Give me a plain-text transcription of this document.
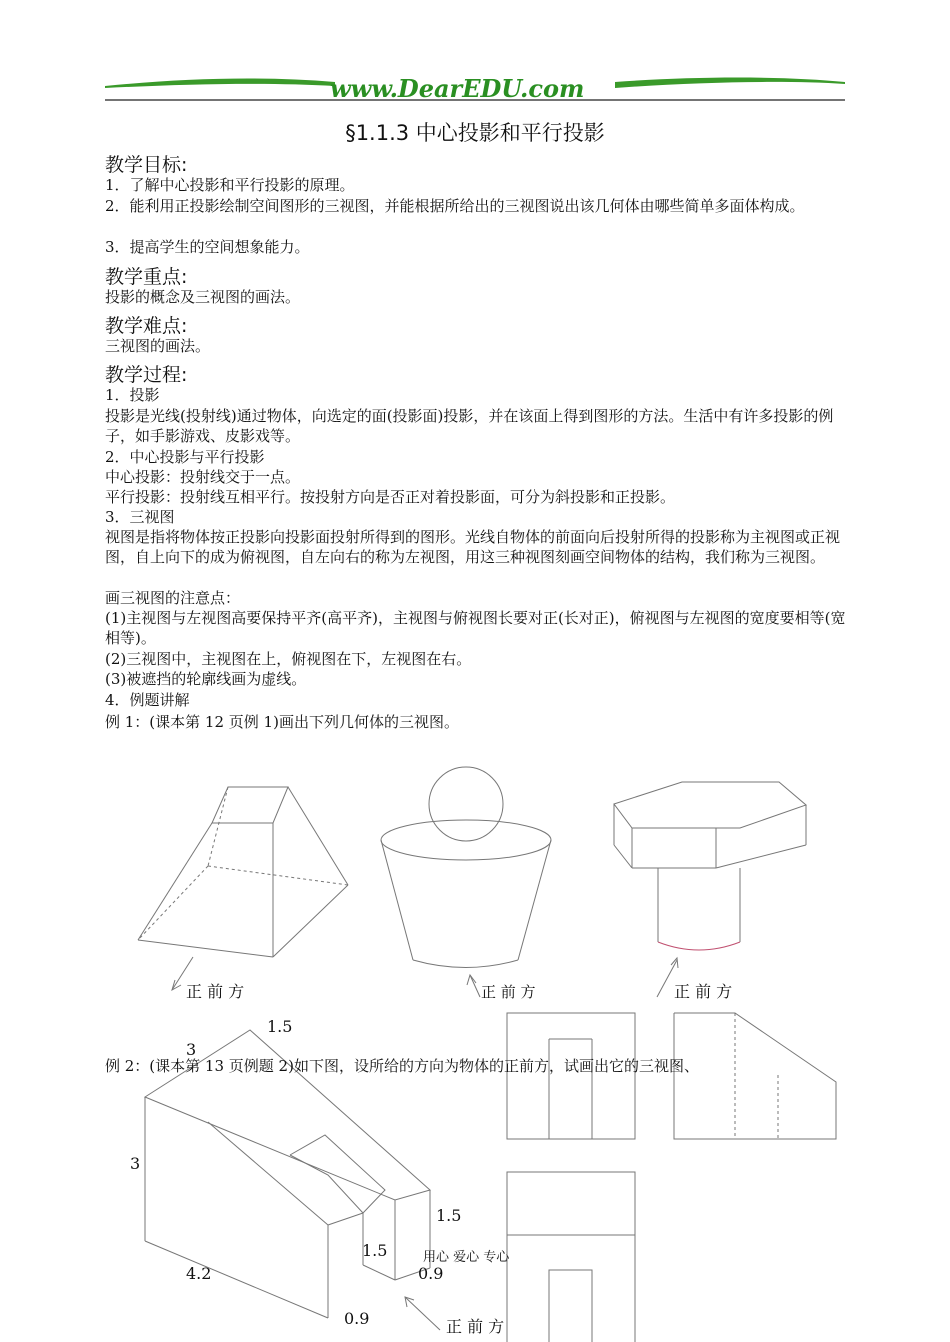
www.DearEDU.com
§1.1.3 中心投影和平行投影
教学目标:
1．了解中心投影和平行投影的原理。
2．能利用正投影绘制空间图形的三视图，并能根据所给出的三视图说出该几何体由哪些简单多面体构成。
3．提高学生的空间想象能力。
教学重点:
投影的概念及三视图的画法。
教学难点:
三视图的画法。
教学过程:
1．投影
投影是光线(投射线)通过物体，向选定的面(投影面)投影，并在该面上得到图形的方法。生活中有许多投影的例子，如手影游戏、皮影戏等。
2．中心投影与平行投影
中心投影：投射线交于一点。
平行投影：投射线互相平行。按投射方向是否正对着投影面，可分为斜投影和正投影。
3．三视图
视图是指将物体按正投影向投影面投射所得到的图形。光线自物体的前面向后投射所得的投影称为主视图或正视图，自上向下的成为俯视图，自左向右的称为左视图，用这三种视图刻画空间物体的结构，我们称为三视图。
画三视图的注意点：
(1)主视图与左视图高要保持平齐(高平齐)，主视图与俯视图长要对正(长对正)，俯视图与左视图的宽度要相等(宽相等)。
(2)三视图中，主视图在上，俯视图在下，左视图在右。
(3)被遮挡的轮廓线画为虚线。
4．例题讲解
例 1：(课本第 12 页例 1)画出下列几何体的三视图。
正 前 方	正 前 方	正 前 方
1.5
3
例 2：(课本第 13 页例题 2)如下图，设所给的方向为物体的正前方，试画出它的三视图、
3
1.5
1.5	用心 爱心 专心
0.9
4.2
0.9	正 前 方
